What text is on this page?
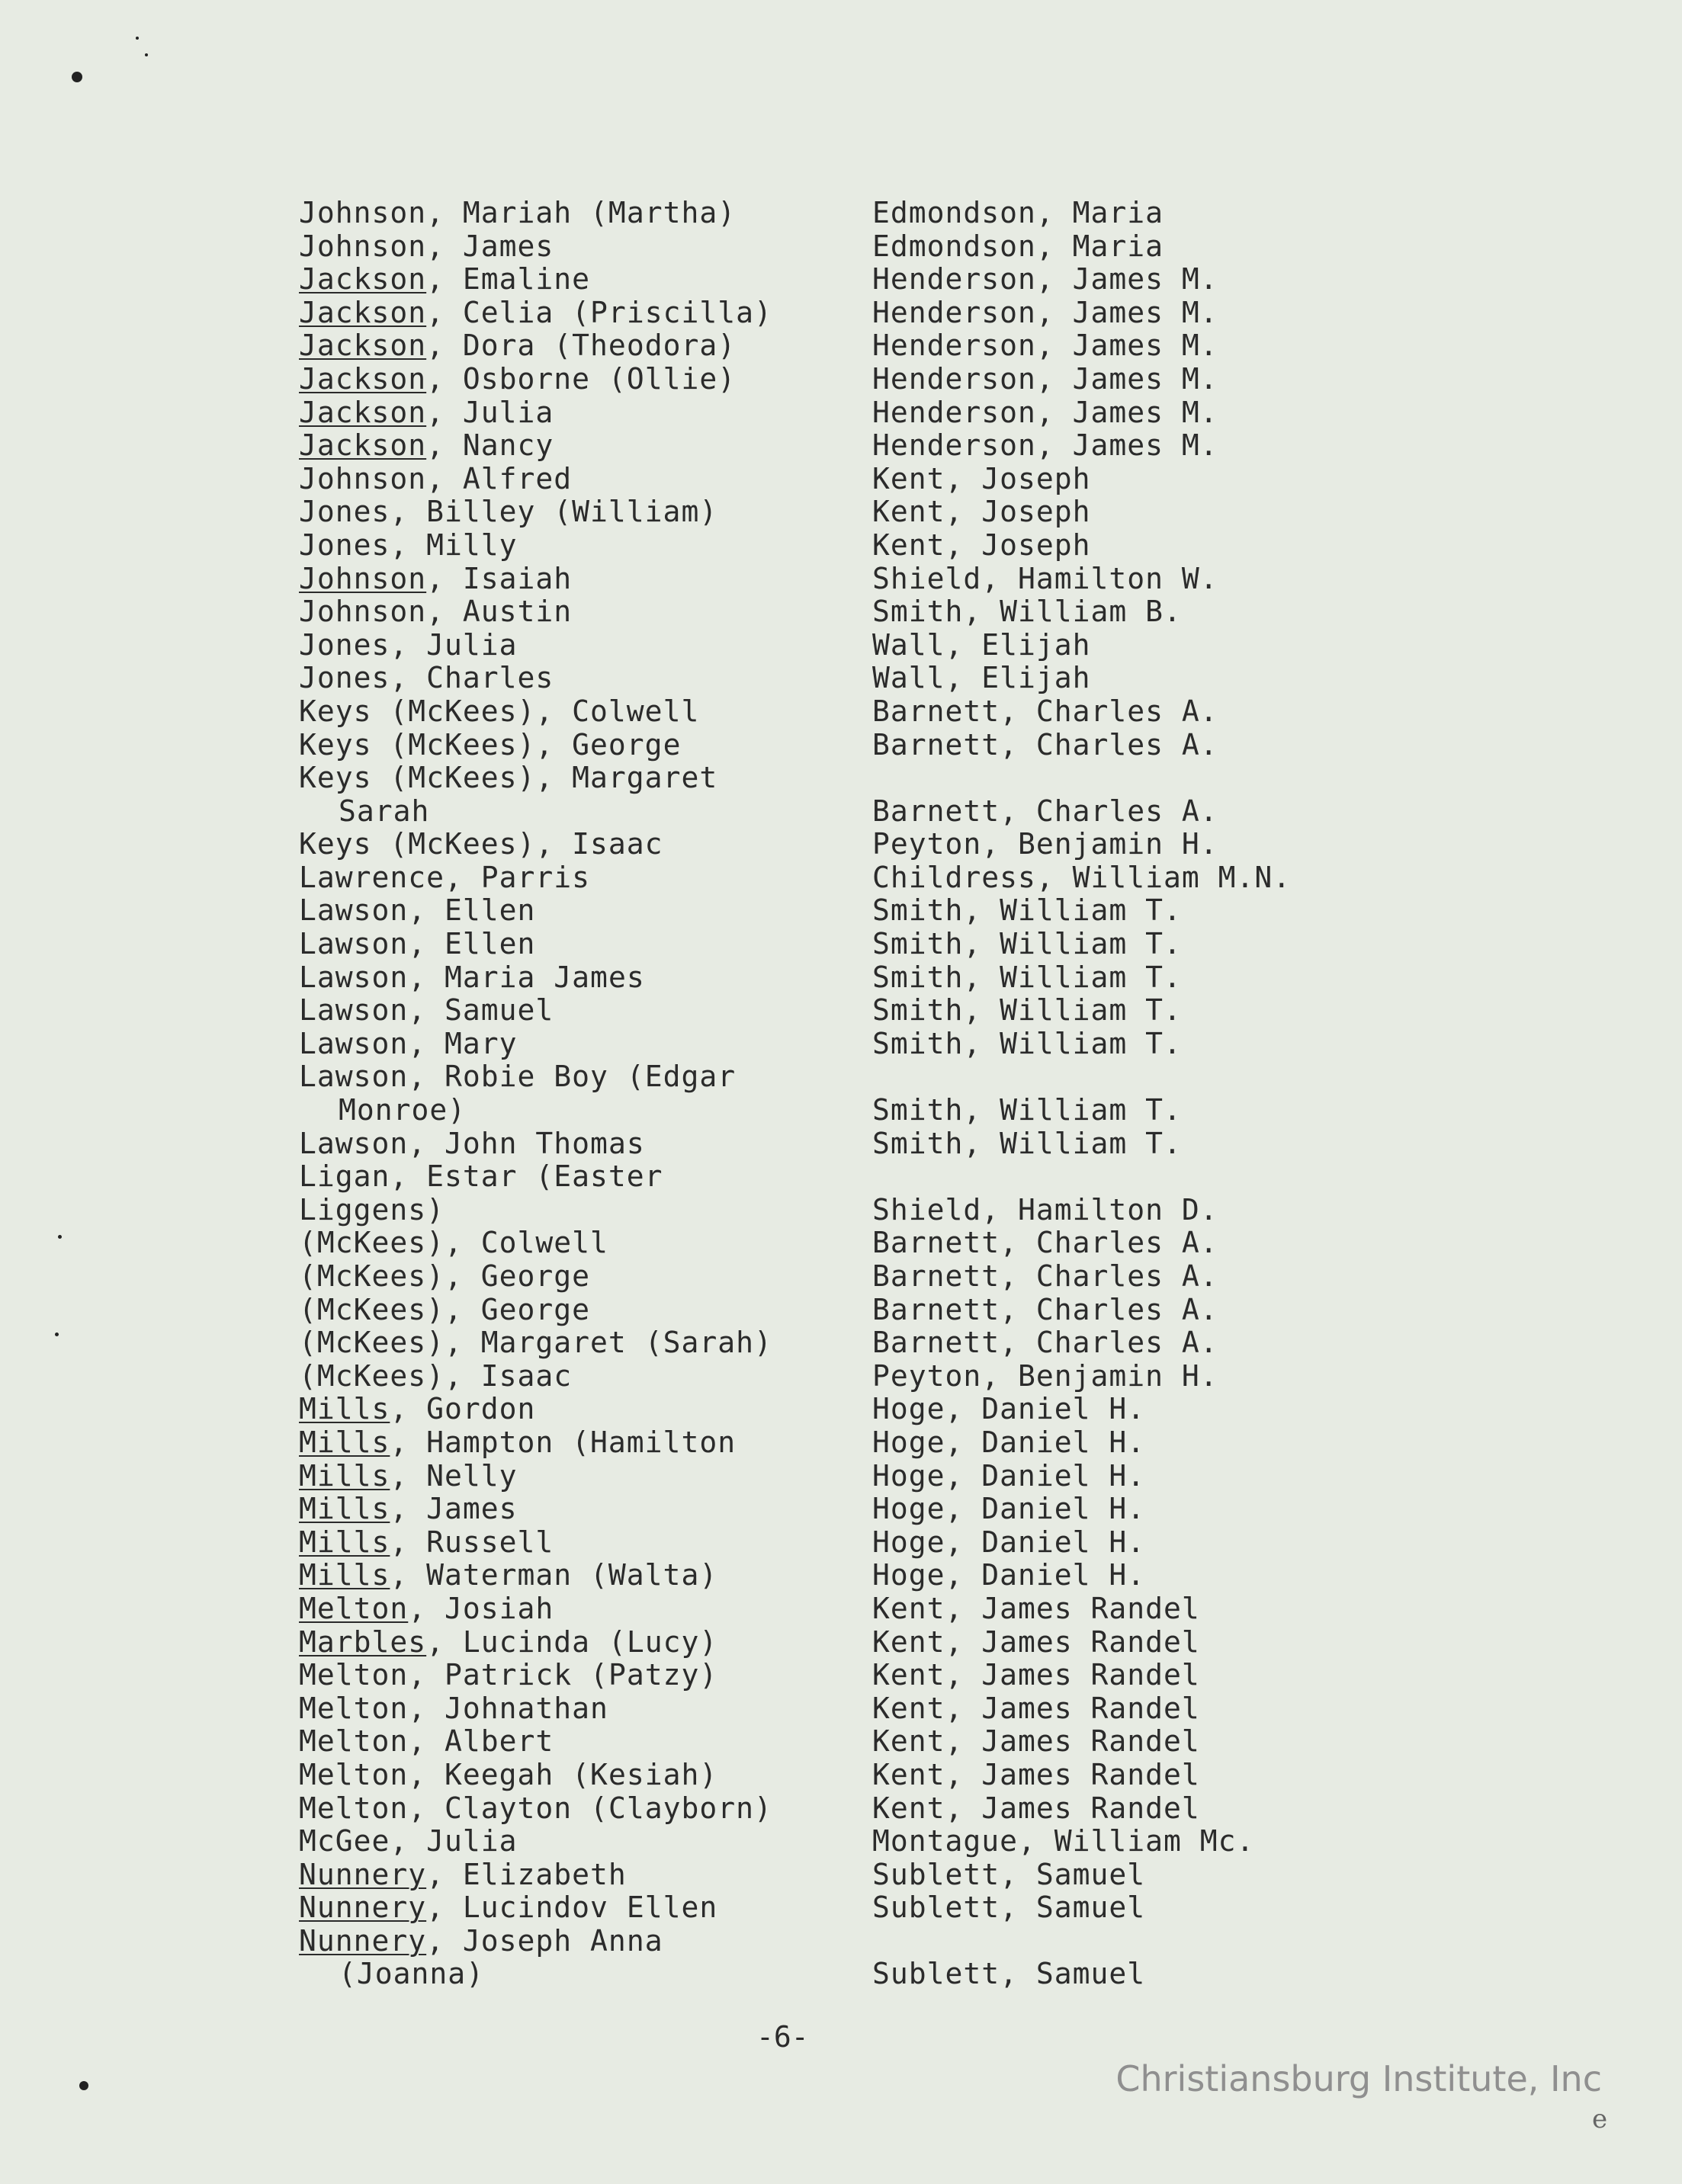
Johnson, Mariah (Martha)	Edmondson, Maria
Johnson, James	Edmondson, Maria
Jackson, Emaline	Henderson, James M.
Jackson, Celia (Priscilla)	Henderson, James M.
Jackson, Dora (Theodora)	Henderson, James M.
Jackson, Osborne (Ollie)	Henderson, James M.
Jackson, Julia	Henderson, James M.
Jackson, Nancy	Henderson, James M.
Johnson, Alfred	Kent, Joseph
Jones, Billey (William)	Kent, Joseph
Jones, Milly	Kent, Joseph
Johnson, Isaiah	Shield, Hamilton W.
Johnson, Austin	Smith, William B.
Jones, Julia	Wall, Elijah
Jones, Charles	Wall, Elijah
Keys (McKees), Colwell	Barnett, Charles A.
Keys (McKees), George	Barnett, Charles A.
Keys (McKees), Margaret
Sarah	Barnett, Charles A.
Keys (McKees), Isaac	Peyton, Benjamin H.
Lawrence, Parris	Childress, William M.N.
Lawson, Ellen	Smith, William T.
Lawson, Ellen	Smith, William T.
Lawson, Maria James	Smith, William T.
Lawson, Samuel	Smith, William T.
Lawson, Mary	Smith, William T.
Lawson, Robie Boy (Edgar
Monroe)	Smith, William T.
Lawson, John Thomas	Smith, William T.
Ligan, Estar (Easter
Liggens)	Shield, Hamilton D.
(McKees), Colwell	Barnett, Charles A.
(McKees), George	Barnett, Charles A.
(McKees), George	Barnett, Charles A.
(McKees), Margaret (Sarah)	Barnett, Charles A.
(McKees), Isaac	Peyton, Benjamin H.
Mills, Gordon	Hoge, Daniel H.
Mills, Hampton (Hamilton	Hoge, Daniel H.
Mills, Nelly	Hoge, Daniel H.
Mills, James	Hoge, Daniel H.
Mills, Russell	Hoge, Daniel H.
Mills, Waterman (Walta)	Hoge, Daniel H.
Melton, Josiah	Kent, James Randel
Marbles, Lucinda (Lucy)	Kent, James Randel
Melton, Patrick (Patzy)	Kent, James Randel
Melton, Johnathan	Kent, James Randel
Melton, Albert	Kent, James Randel
Melton, Keegah (Kesiah)	Kent, James Randel
Melton, Clayton (Clayborn)	Kent, James Randel
McGee, Julia	Montague, William Mc.
Nunnery, Elizabeth	Sublett, Samuel
Nunnery, Lucindov Ellen	Sublett, Samuel
Nunnery, Joseph Anna
(Joanna)	Sublett, Samuel
-6-
Christiansburg Institute, Inc
e
